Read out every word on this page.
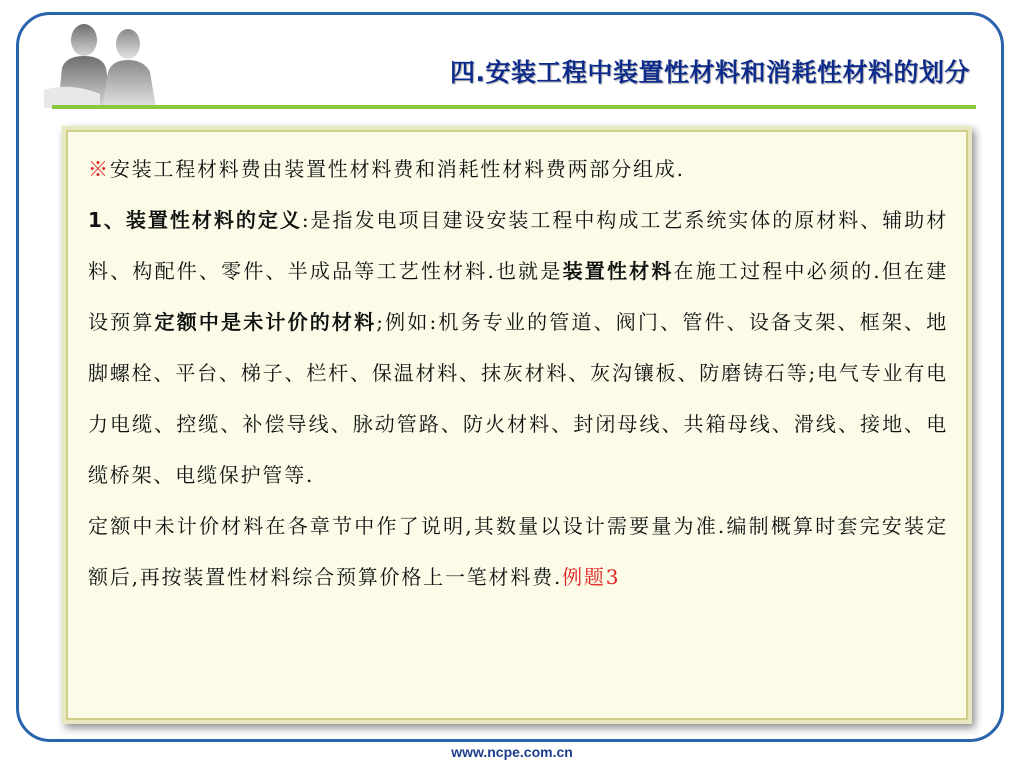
四.安装工程中装置性材料和消耗性材料的划分

※安装工程材料费由装置性材料费和消耗性材料费两部分组成.

1、装置性材料的定义:是指发电项目建设安装工程中构成工艺系统实体的原材料、辅助材料、构配件、零件、半成品等工艺性材料.也就是装置性材料在施工过程中必须的.但在建设预算定额中是未计价的材料;例如:机务专业的管道、阀门、管件、设备支架、框架、地脚螺栓、平台、梯子、栏杆、保温材料、抹灰材料、灰沟镶板、防磨铸石等;电气专业有电力电缆、控缆、补偿导线、脉动管路、防火材料、封闭母线、共箱母线、滑线、接地、电缆桥架、电缆保护管等.

定额中未计价材料在各章节中作了说明,其数量以设计需要量为准.编制概算时套完安装定额后,再按装置性材料综合预算价格上一笔材料费.例题3

www.ncpe.com.cn
